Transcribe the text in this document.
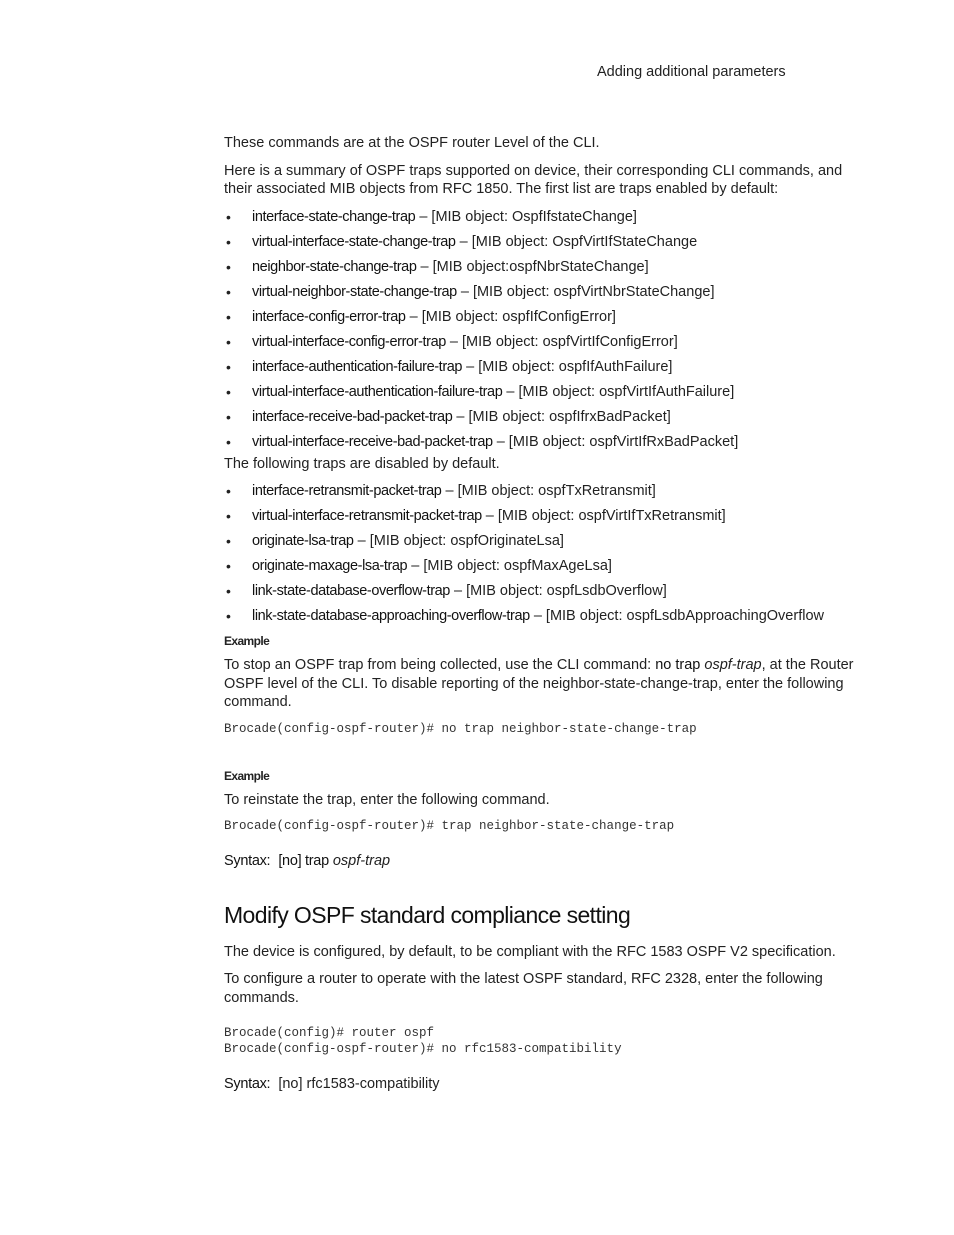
Adding additional parameters

These commands are at the OSPF router Level of the CLI.

Here is a summary of OSPF traps supported on device, their corresponding CLI commands, and their associated MIB objects from RFC 1850. The first list are traps enabled by default:

• interface-state-change-trap – [MIB object: OspfIfstateChange]
• virtual-interface-state-change-trap – [MIB object: OspfVirtIfStateChange
• neighbor-state-change-trap – [MIB object:ospfNbrStateChange]
• virtual-neighbor-state-change-trap – [MIB object: ospfVirtNbrStateChange]
• interface-config-error-trap – [MIB object: ospfIfConfigError]
• virtual-interface-config-error-trap – [MIB object: ospfVirtIfConfigError]
• interface-authentication-failure-trap – [MIB object: ospfIfAuthFailure]
• virtual-interface-authentication-failure-trap – [MIB object: ospfVirtIfAuthFailure]
• interface-receive-bad-packet-trap – [MIB object: ospfIfrxBadPacket]
• virtual-interface-receive-bad-packet-trap – [MIB object: ospfVirtIfRxBadPacket]

The following traps are disabled by default.

• interface-retransmit-packet-trap – [MIB object: ospfTxRetransmit]
• virtual-interface-retransmit-packet-trap – [MIB object: ospfVirtIfTxRetransmit]
• originate-lsa-trap – [MIB object: ospfOriginateLsa]
• originate-maxage-lsa-trap – [MIB object: ospfMaxAgeLsa]
• link-state-database-overflow-trap – [MIB object: ospfLsdbOverflow]
• link-state-database-approaching-overflow-trap – [MIB object: ospfLsdbApproachingOverflow
Example

To stop an OSPF trap from being collected, use the CLI command: no trap ospf-trap, at the Router OSPF level of the CLI. To disable reporting of the neighbor-state-change-trap, enter the following command.

Brocade(config-ospf-router)# no trap neighbor-state-change-trap
Example

To reinstate the trap, enter the following command.

Brocade(config-ospf-router)# trap neighbor-state-change-trap
Syntax: [no] trap ospf-trap
Modify OSPF standard compliance setting

The device is configured, by default, to be compliant with the RFC 1583 OSPF V2 specification.

To configure a router to operate with the latest OSPF standard, RFC 2328, enter the following commands.

Brocade(config)# router ospf
Brocade(config-ospf-router)# no rfc1583-compatibility
Syntax: [no] rfc1583-compatibility
